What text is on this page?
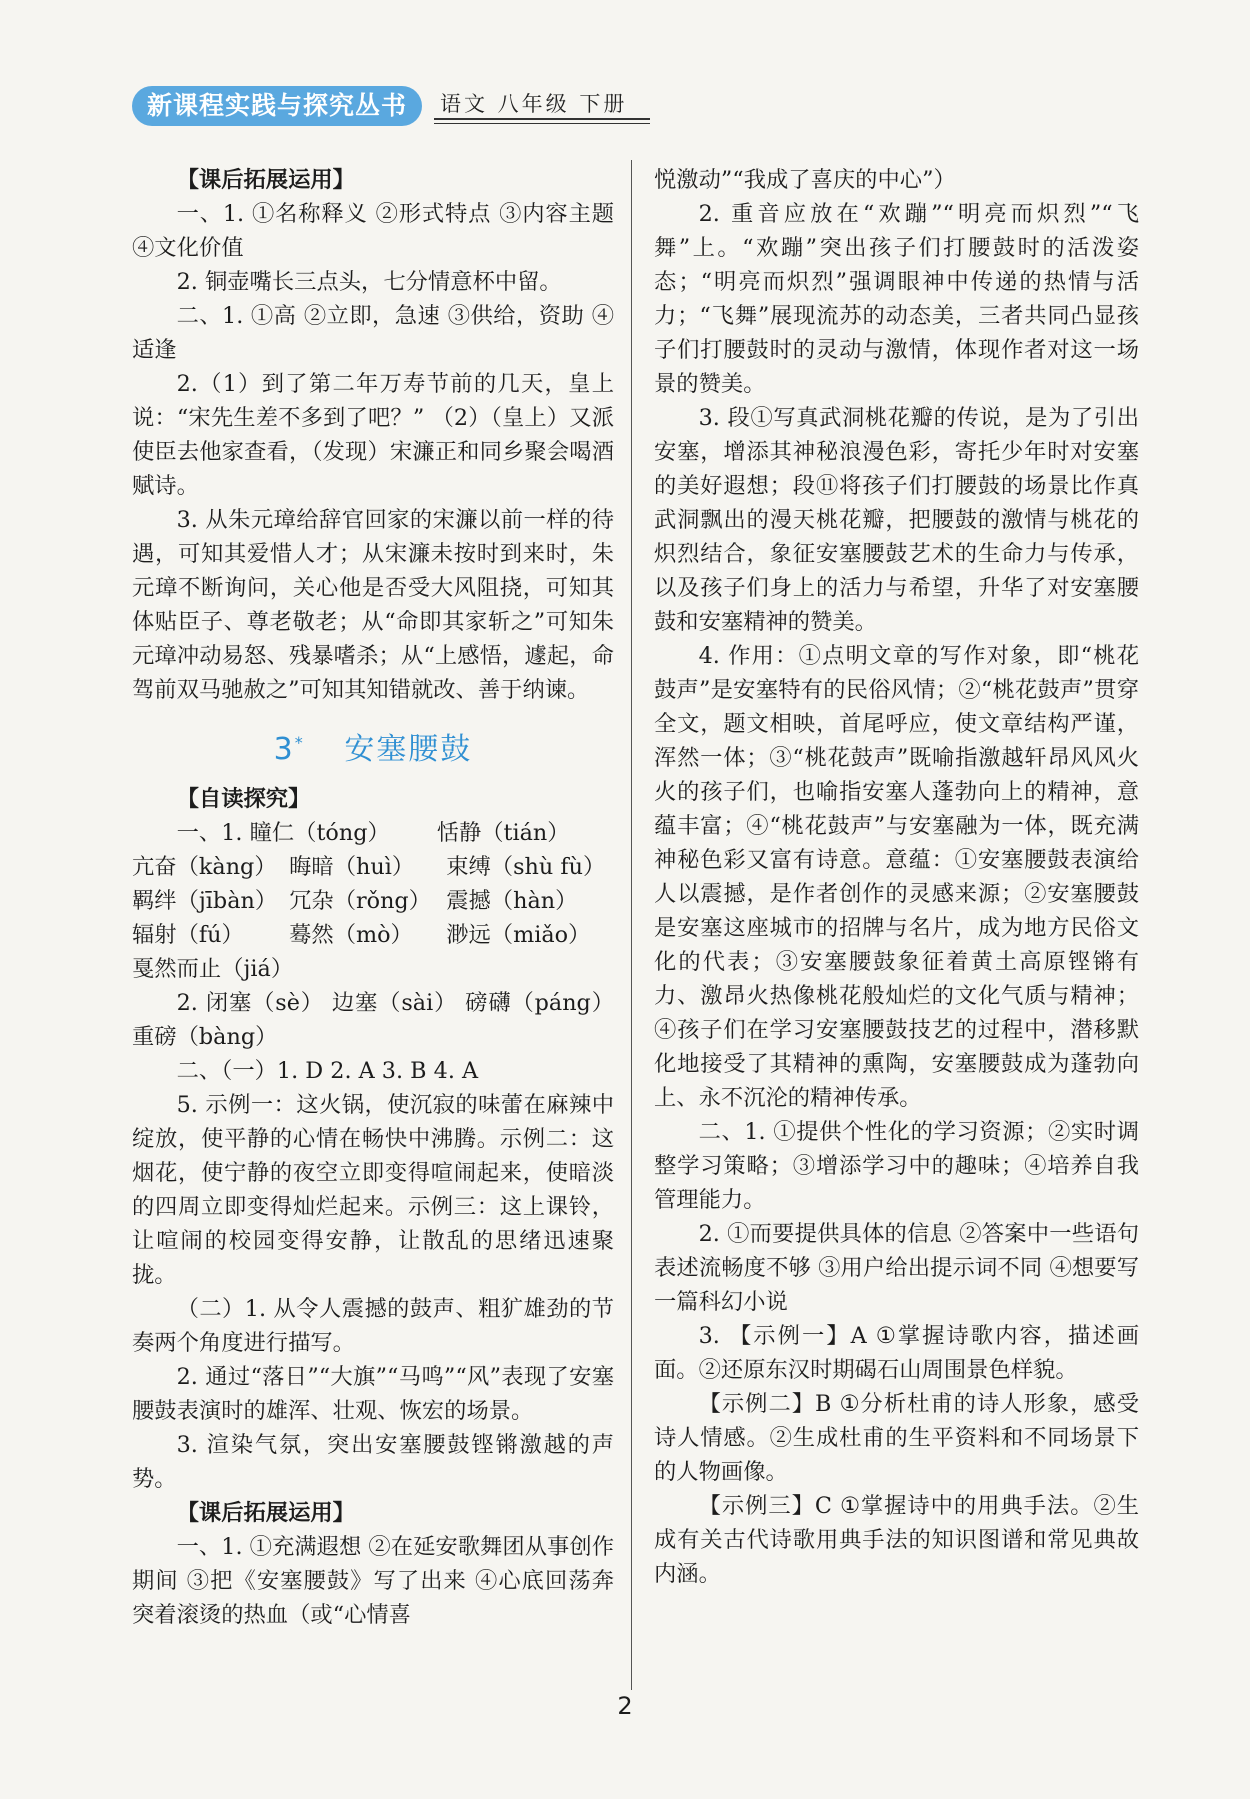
新课程实践与探究丛书	语文 八年级 下册

【课后拓展运用】

一、1. ①名称释义 ②形式特点 ③内容主题 ④文化价值

2. 铜壶嘴长三点头，七分情意杯中留。

二、1. ①高 ②立即，急速 ③供给，资助 ④适逢

2.（1）到了第二年万寿节前的几天，皇上说：“宋先生差不多到了吧？” （2）（皇上）又派使臣去他家查看，（发现）宋濂正和同乡聚会喝酒赋诗。

3. 从朱元璋给辞官回家的宋濂以前一样的待遇，可知其爱惜人才；从宋濂未按时到来时，朱元璋不断询问，关心他是否受大风阻挠，可知其体贴臣子、尊老敬老；从“命即其家斩之”可知朱元璋冲动易怒、残暴嗜杀；从“上感悟，遽起，命驾前双马驰赦之”可知其知错就改、善于纳谏。

3* 安塞腰鼓

【自读探究】

一、1. 瞳仁（tóng） 恬静（tián）

亢奋（kàng） 晦暗（huì） 束缚（shù fù）

羁绊（jībàn） 冗杂（rǒng） 震撼（hàn）

辐射（fú） 蓦然（mò） 渺远（miǎo）

戛然而止（jiá）

2. 闭塞（sè） 边塞（sài） 磅礴（páng） 重磅（bàng）

二、（一）1. D 2. A 3. B 4. A

5. 示例一：这火锅，使沉寂的味蕾在麻辣中绽放，使平静的心情在畅快中沸腾。示例二：这烟花，使宁静的夜空立即变得喧闹起来，使暗淡的四周立即变得灿烂起来。示例三：这上课铃，让喧闹的校园变得安静，让散乱的思绪迅速聚拢。

（二）1. 从令人震撼的鼓声、粗犷雄劲的节奏两个角度进行描写。

2. 通过“落日”“大旗”“马鸣”“风”表现了安塞腰鼓表演时的雄浑、壮观、恢宏的场景。

3. 渲染气氛，突出安塞腰鼓铿锵激越的声势。

【课后拓展运用】

一、1. ①充满遐想 ②在延安歌舞团从事创作期间 ③把《安塞腰鼓》写了出来 ④心底回荡奔突着滚烫的热血（或“心情喜

悦激动”“我成了喜庆的中心”）

2. 重音应放在“欢蹦”“明亮而炽烈”“飞舞”上。“欢蹦”突出孩子们打腰鼓时的活泼姿态；“明亮而炽烈”强调眼神中传递的热情与活力；“飞舞”展现流苏的动态美，三者共同凸显孩子们打腰鼓时的灵动与激情，体现作者对这一场景的赞美。

3. 段①写真武洞桃花瓣的传说，是为了引出安塞，增添其神秘浪漫色彩，寄托少年时对安塞的美好遐想；段⑪将孩子们打腰鼓的场景比作真武洞飘出的漫天桃花瓣，把腰鼓的激情与桃花的炽烈结合，象征安塞腰鼓艺术的生命力与传承，以及孩子们身上的活力与希望，升华了对安塞腰鼓和安塞精神的赞美。

4. 作用：①点明文章的写作对象，即“桃花鼓声”是安塞特有的民俗风情；②“桃花鼓声”贯穿全文，题文相映，首尾呼应，使文章结构严谨，浑然一体；③“桃花鼓声”既喻指激越轩昂风风火火的孩子们，也喻指安塞人蓬勃向上的精神，意蕴丰富；④“桃花鼓声”与安塞融为一体，既充满神秘色彩又富有诗意。意蕴：①安塞腰鼓表演给人以震撼，是作者创作的灵感来源；②安塞腰鼓是安塞这座城市的招牌与名片，成为地方民俗文化的代表；③安塞腰鼓象征着黄土高原铿锵有力、激昂火热像桃花般灿烂的文化气质与精神；④孩子们在学习安塞腰鼓技艺的过程中，潜移默化地接受了其精神的熏陶，安塞腰鼓成为蓬勃向上、永不沉沦的精神传承。

二、1. ①提供个性化的学习资源；②实时调整学习策略；③增添学习中的趣味；④培养自我管理能力。

2. ①而要提供具体的信息 ②答案中一些语句表述流畅度不够 ③用户给出提示词不同 ④想要写一篇科幻小说

3. 【示例一】A ①掌握诗歌内容，描述画面。②还原东汉时期碣石山周围景色样貌。

【示例二】B ①分析杜甫的诗人形象，感受诗人情感。②生成杜甫的生平资料和不同场景下的人物画像。

【示例三】C ①掌握诗中的用典手法。②生成有关古代诗歌用典手法的知识图谱和常见典故内涵。

2
